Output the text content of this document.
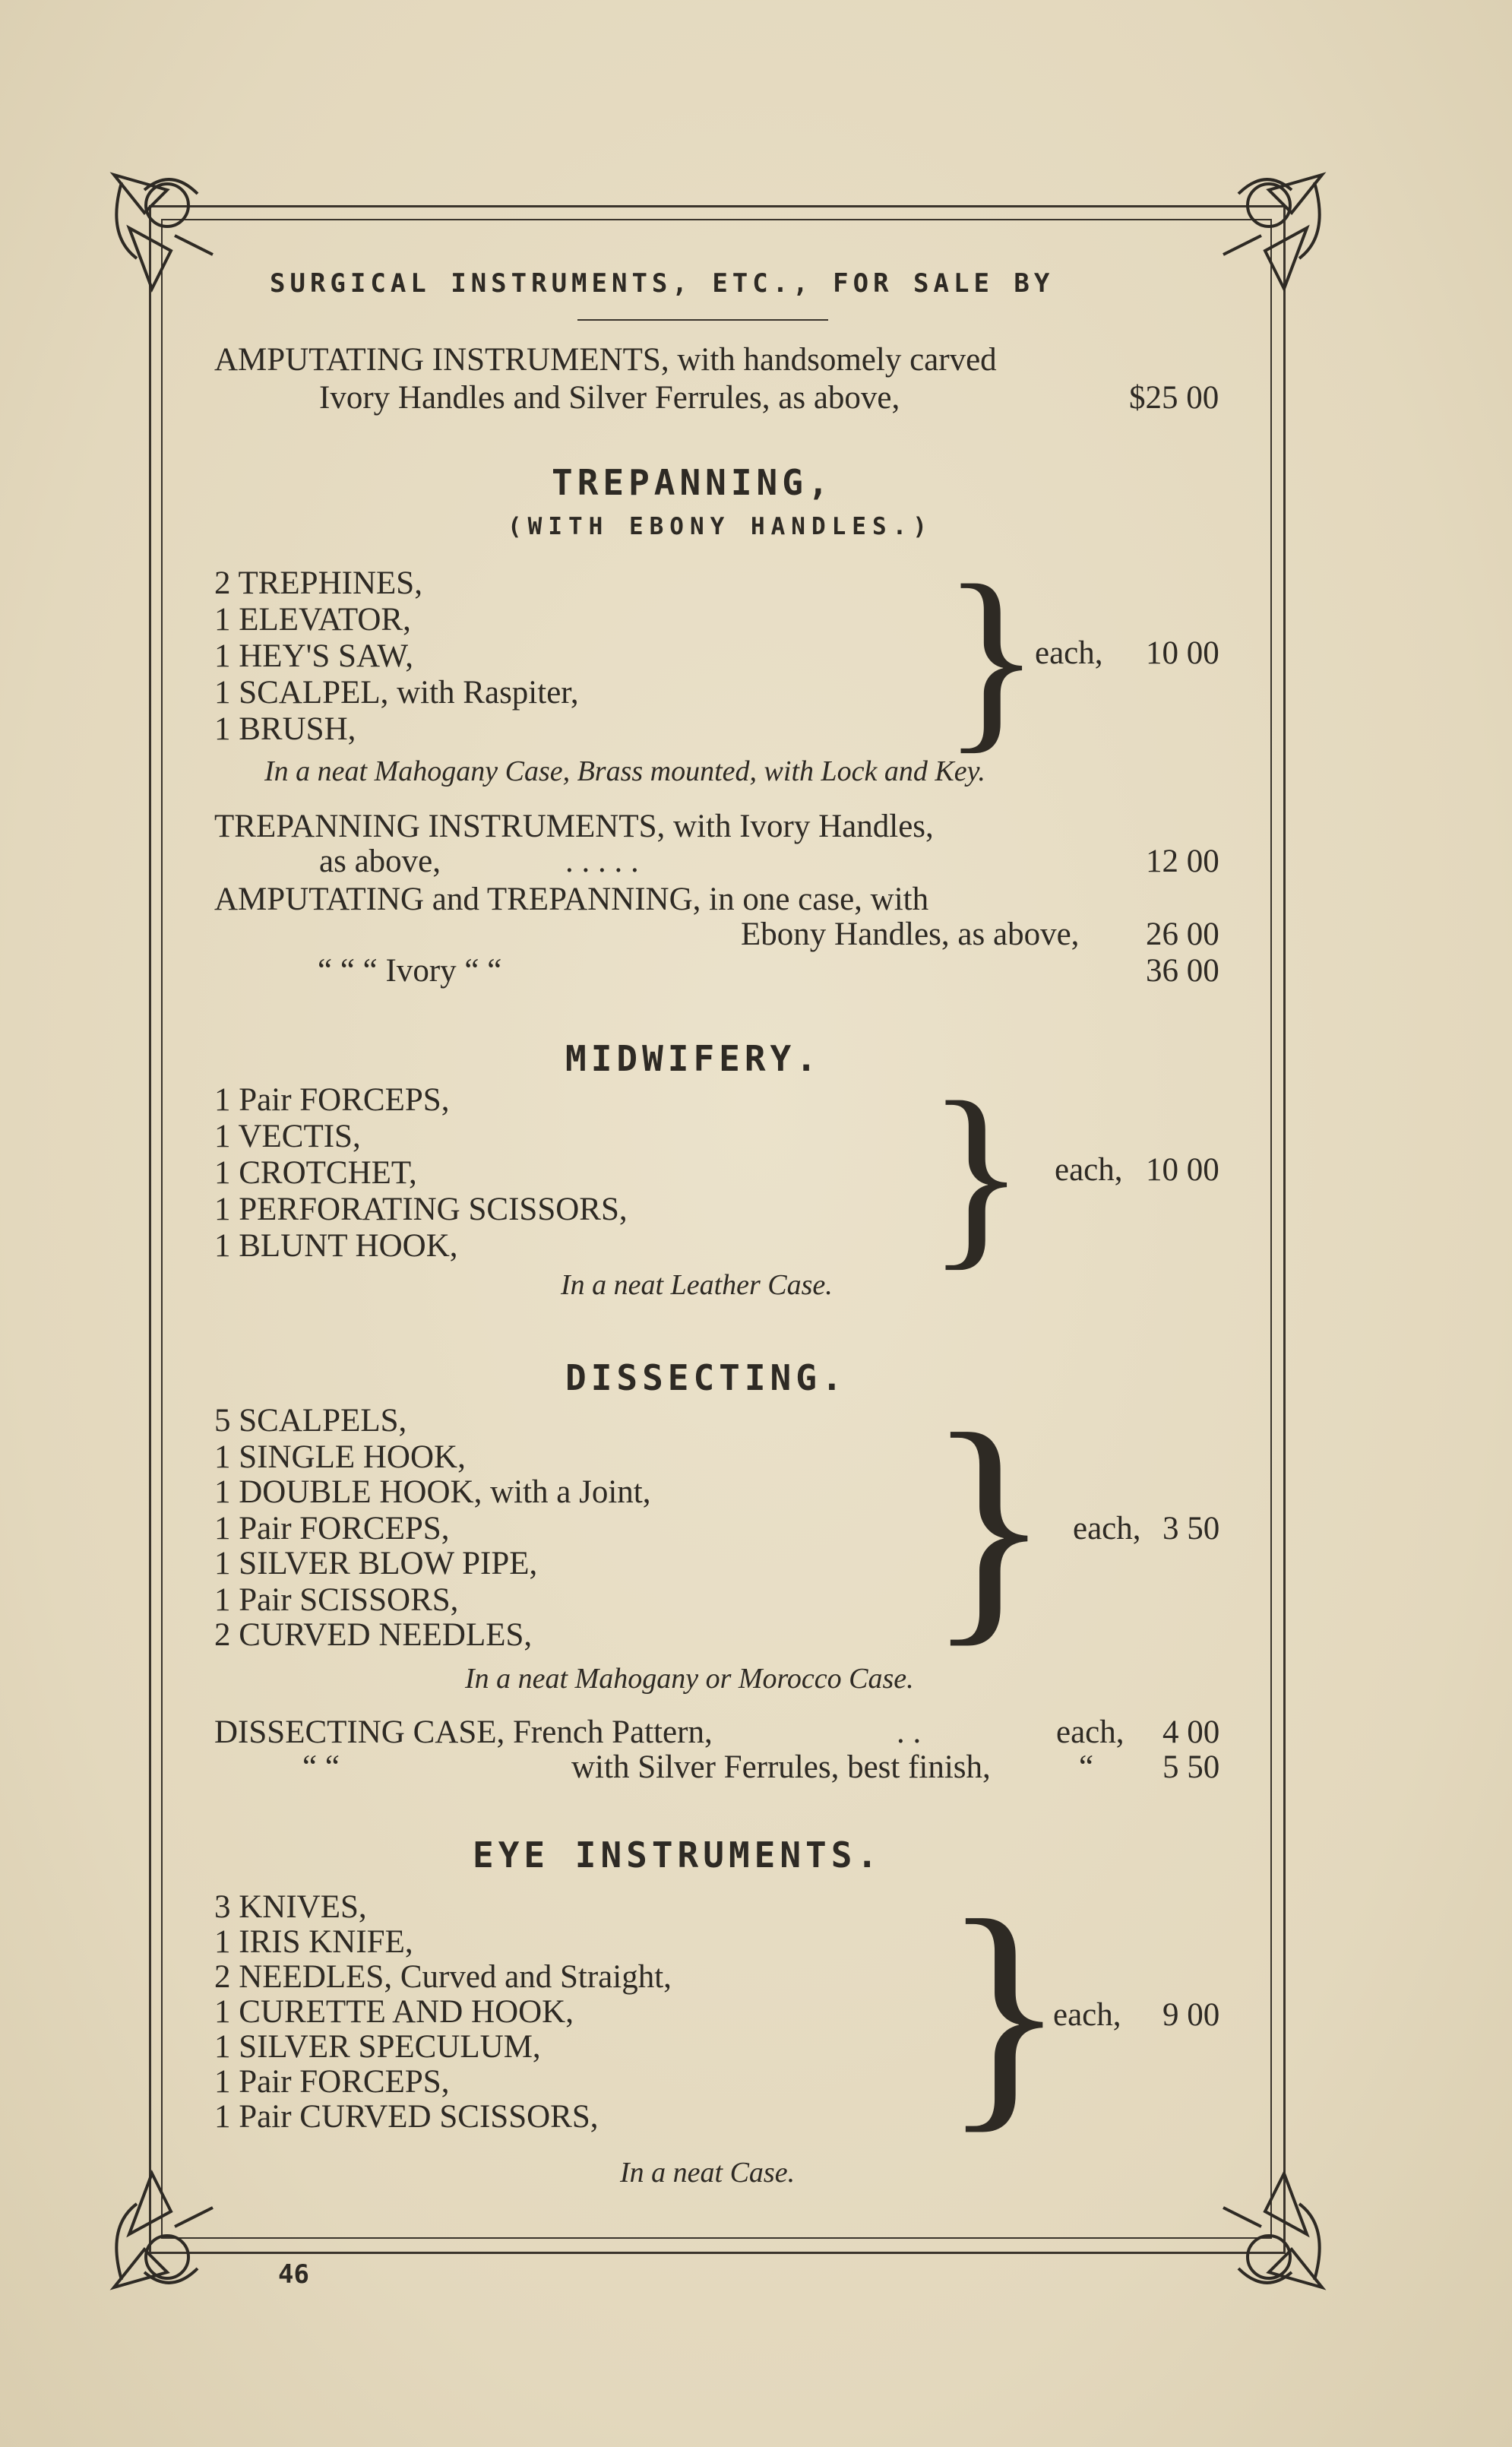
SURGICAL INSTRUMENTS, ETC., FOR SALE BY
AMPUTATING INSTRUMENTS, with handsomely carved
Ivory Handles and Silver Ferrules, as above,	$25 00
TREPANNING,
(WITH EBONY HANDLES.)
2 TREPHINES,
1 ELEVATOR,
1 HEY'S SAW,
1 SCALPEL, with Raspiter,
1 BRUSH,	}
each, 10 00
In a neat Mahogany Case, Brass mounted, with Lock and Key.
TREPANNING INSTRUMENTS, with Ivory Handles,
as above,	. . . . .	12 00
AMPUTATING and TREPANNING, in one case, with
Ebony Handles, as above, 26 00
“ “ “ Ivory “ “	36 00
MIDWIFERY.
1 Pair FORCEPS,
1 VECTIS,
1 CROTCHET,
1 PERFORATING SCISSORS,
1 BLUNT HOOK, } each, 10 00
In a neat Leather Case.
DISSECTING.
5 SCALPELS,
1 SINGLE HOOK,
1 DOUBLE HOOK, with a Joint,
1 Pair FORCEPS,
1 SILVER BLOW PIPE,
1 Pair SCISSORS,
2 CURVED NEEDLES, } each, 3 50
In a neat Mahogany or Morocco Case.
DISSECTING CASE, French Pattern,	. .	each, 4 00
“ “	with Silver Ferrules, best finish,	“ 5 50
EYE INSTRUMENTS.
3 KNIVES,
1 IRIS KNIFE,
2 NEEDLES, Curved and Straight,
1 CURETTE AND HOOK,
1 SILVER SPECULUM,
1 Pair FORCEPS,
1 Pair CURVED SCISSORS, }
each, 9 00
In a neat Case.
46
